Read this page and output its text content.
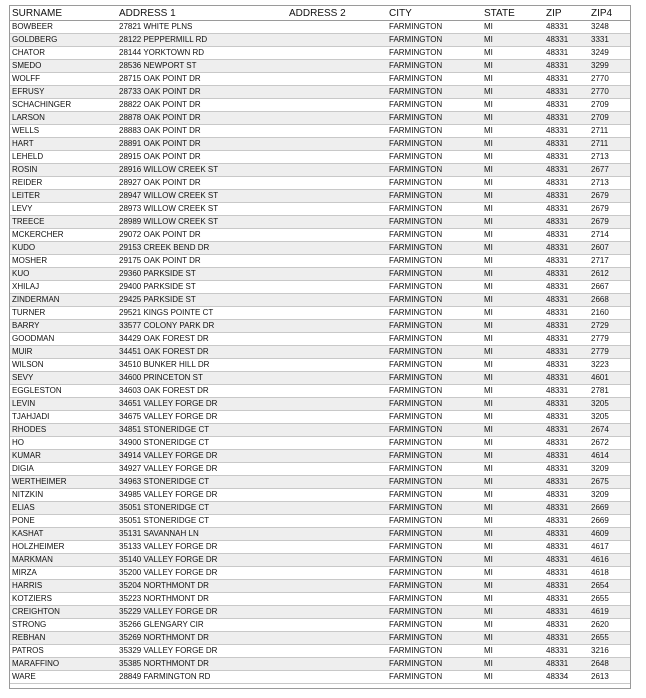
SURNAME	ADDRESS 1	ADDRESS 2	CITY	STATE	ZIP	ZIP4
BOWBEER	27821 WHITE PLNS		FARMINGTON	MI	48331	3248
GOLDBERG	28122 PEPPERMILL RD		FARMINGTON	MI	48331	3331
CHATOR	28144 YORKTOWN RD		FARMINGTON	MI	48331	3249
SMEDO	28536 NEWPORT ST		FARMINGTON	MI	48331	3299
WOLFF	28715 OAK POINT DR		FARMINGTON	MI	48331	2770
EFRUSY	28733 OAK POINT DR		FARMINGTON	MI	48331	2770
SCHACHINGER	28822 OAK POINT DR		FARMINGTON	MI	48331	2709
LARSON	28878 OAK POINT DR		FARMINGTON	MI	48331	2709
WELLS	28883 OAK POINT DR		FARMINGTON	MI	48331	2711
HART	28891 OAK POINT DR		FARMINGTON	MI	48331	2711
LEHELD	28915 OAK POINT DR		FARMINGTON	MI	48331	2713
ROSIN	28916 WILLOW CREEK ST		FARMINGTON	MI	48331	2677
REIDER	28927 OAK POINT DR		FARMINGTON	MI	48331	2713
LEITER	28947 WILLOW CREEK ST		FARMINGTON	MI	48331	2679
LEVY	28973 WILLOW CREEK ST		FARMINGTON	MI	48331	2679
TREECE	28989 WILLOW CREEK ST		FARMINGTON	MI	48331	2679
MCKERCHER	29072 OAK POINT DR		FARMINGTON	MI	48331	2714
KUDO	29153 CREEK BEND DR		FARMINGTON	MI	48331	2607
MOSHER	29175 OAK POINT DR		FARMINGTON	MI	48331	2717
KUO	29360 PARKSIDE ST		FARMINGTON	MI	48331	2612
XHILAJ	29400 PARKSIDE ST		FARMINGTON	MI	48331	2667
ZINDERMAN	29425 PARKSIDE ST		FARMINGTON	MI	48331	2668
TURNER	29521 KINGS POINTE CT		FARMINGTON	MI	48331	2160
BARRY	33577 COLONY PARK DR		FARMINGTON	MI	48331	2729
GOODMAN	34429 OAK FOREST DR		FARMINGTON	MI	48331	2779
MUIR	34451 OAK FOREST DR		FARMINGTON	MI	48331	2779
WILSON	34510 BUNKER HILL DR		FARMINGTON	MI	48331	3223
SEVY	34600 PRINCETON ST		FARMINGTON	MI	48331	4601
EGGLESTON	34603 OAK FOREST DR		FARMINGTON	MI	48331	2781
LEVIN	34651 VALLEY FORGE DR		FARMINGTON	MI	48331	3205
TJAHJADI	34675 VALLEY FORGE DR		FARMINGTON	MI	48331	3205
RHODES	34851 STONERIDGE CT		FARMINGTON	MI	48331	2674
HO	34900 STONERIDGE CT		FARMINGTON	MI	48331	2672
KUMAR	34914 VALLEY FORGE DR		FARMINGTON	MI	48331	4614
DIGIA	34927 VALLEY FORGE DR		FARMINGTON	MI	48331	3209
WERTHEIMER	34963 STONERIDGE CT		FARMINGTON	MI	48331	2675
NITZKIN	34985 VALLEY FORGE DR		FARMINGTON	MI	48331	3209
ELIAS	35051 STONERIDGE CT		FARMINGTON	MI	48331	2669
PONE	35051 STONERIDGE CT		FARMINGTON	MI	48331	2669
KASHAT	35131 SAVANNAH LN		FARMINGTON	MI	48331	4609
HOLZHEIMER	35133 VALLEY FORGE DR		FARMINGTON	MI	48331	4617
MARKMAN	35140 VALLEY FORGE DR		FARMINGTON	MI	48331	4616
MIRZA	35200 VALLEY FORGE DR		FARMINGTON	MI	48331	4618
HARRIS	35204 NORTHMONT DR		FARMINGTON	MI	48331	2654
KOTZIERS	35223 NORTHMONT DR		FARMINGTON	MI	48331	2655
CREIGHTON	35229 VALLEY FORGE DR		FARMINGTON	MI	48331	4619
STRONG	35266 GLENGARY CIR		FARMINGTON	MI	48331	2620
REBHAN	35269 NORTHMONT DR		FARMINGTON	MI	48331	2655
PATROS	35329 VALLEY FORGE DR		FARMINGTON	MI	48331	3216
MARAFFINO	35385 NORTHMONT DR		FARMINGTON	MI	48331	2648
WARE	28849 FARMINGTON RD		FARMINGTON	MI	48334	2613
